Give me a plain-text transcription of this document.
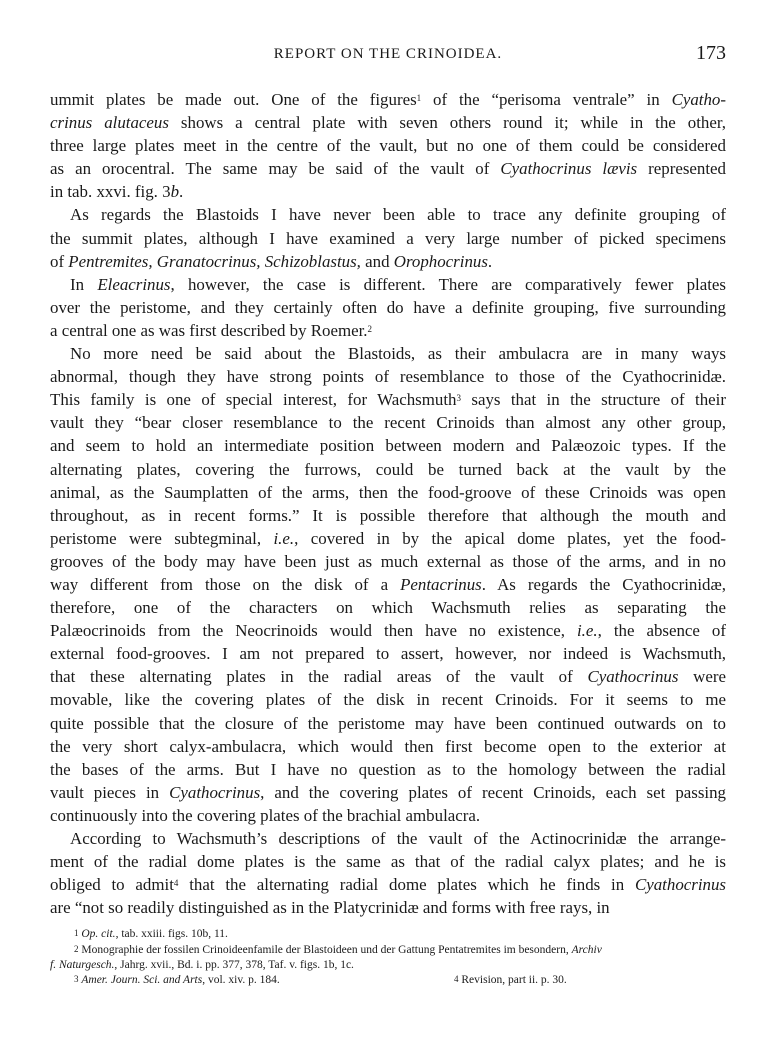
REPORT ON THE CRINOIDEA.	173
ummit plates be made out. One of the figures$^1$ of the “perisoma ventrale” in Cyatho-
crinus alutaceus shows a central plate with seven others round it; while in the other,
three large plates meet in the centre of the vault, but no one of them could be considered
as an orocentral. The same may be said of the vault of Cyathocrinus lævis represented
in tab. xxvi. fig. 3b.
As regards the Blastoids I have never been able to trace any definite grouping of
the summit plates, although I have examined a very large number of picked specimens
of Pentremites, Granatocrinus, Schizoblastus, and Orophocrinus.
In Eleacrinus, however, the case is different. There are comparatively fewer plates
over the peristome, and they certainly often do have a definite grouping, five surrounding
a central one as was first described by Roemer.$^2$
No more need be said about the Blastoids, as their ambulacra are in many ways
abnormal, though they have strong points of resemblance to those of the Cyathocrinidæ.
This family is one of special interest, for Wachsmuth$^3$ says that in the structure of their
vault they “bear closer resemblance to the recent Crinoids than almost any other group,
and seem to hold an intermediate position between modern and Palæozoic types. If the
alternating plates, covering the furrows, could be turned back at the vault by the
animal, as the Saumplatten of the arms, then the food-groove of these Crinoids was open
throughout, as in recent forms.” It is possible therefore that although the mouth and
peristome were subtegminal, i.e., covered in by the apical dome plates, yet the food-
grooves of the body may have been just as much external as those of the arms, and in no
way different from those on the disk of a Pentacrinus. As regards the Cyathocrinidæ,
therefore, one of the characters on which Wachsmuth relies as separating the
Palæocrinoids from the Neocrinoids would then have no existence, i.e., the absence of
external food-grooves. I am not prepared to assert, however, nor indeed is Wachsmuth,
that these alternating plates in the radial areas of the vault of Cyathocrinus were
movable, like the covering plates of the disk in recent Crinoids. For it seems to me
quite possible that the closure of the peristome may have been continued outwards on to
the very short calyx-ambulacra, which would then first become open to the exterior at
the bases of the arms. But I have no question as to the homology between the radial
vault pieces in Cyathocrinus, and the covering plates of recent Crinoids, each set passing
continuously into the covering plates of the brachial ambulacra.
According to Wachsmuth’s descriptions of the vault of the Actinocrinidæ the arrange-
ment of the radial dome plates is the same as that of the radial calyx plates; and he is
obliged to admit$^4$ that the alternating radial dome plates which he finds in Cyathocrinus
are “not so readily distinguished as in the Platycrinidæ and forms with free rays, in
$^1$ Op. cit., tab. xxiii. figs. 10b, 11.
$^2$ Monographie der fossilen Crinoideenfamile der Blastoideen und der Gattung Pentatremites im besondern, Archiv
f. Naturgesch., Jahrg. xvii., Bd. i. pp. 377, 378, Taf. v. figs. 1b, 1c.
$^3$ Amer. Journ. Sci. and Arts, vol. xiv. p. 184.	$^4$ Revision, part ii. p. 30.
